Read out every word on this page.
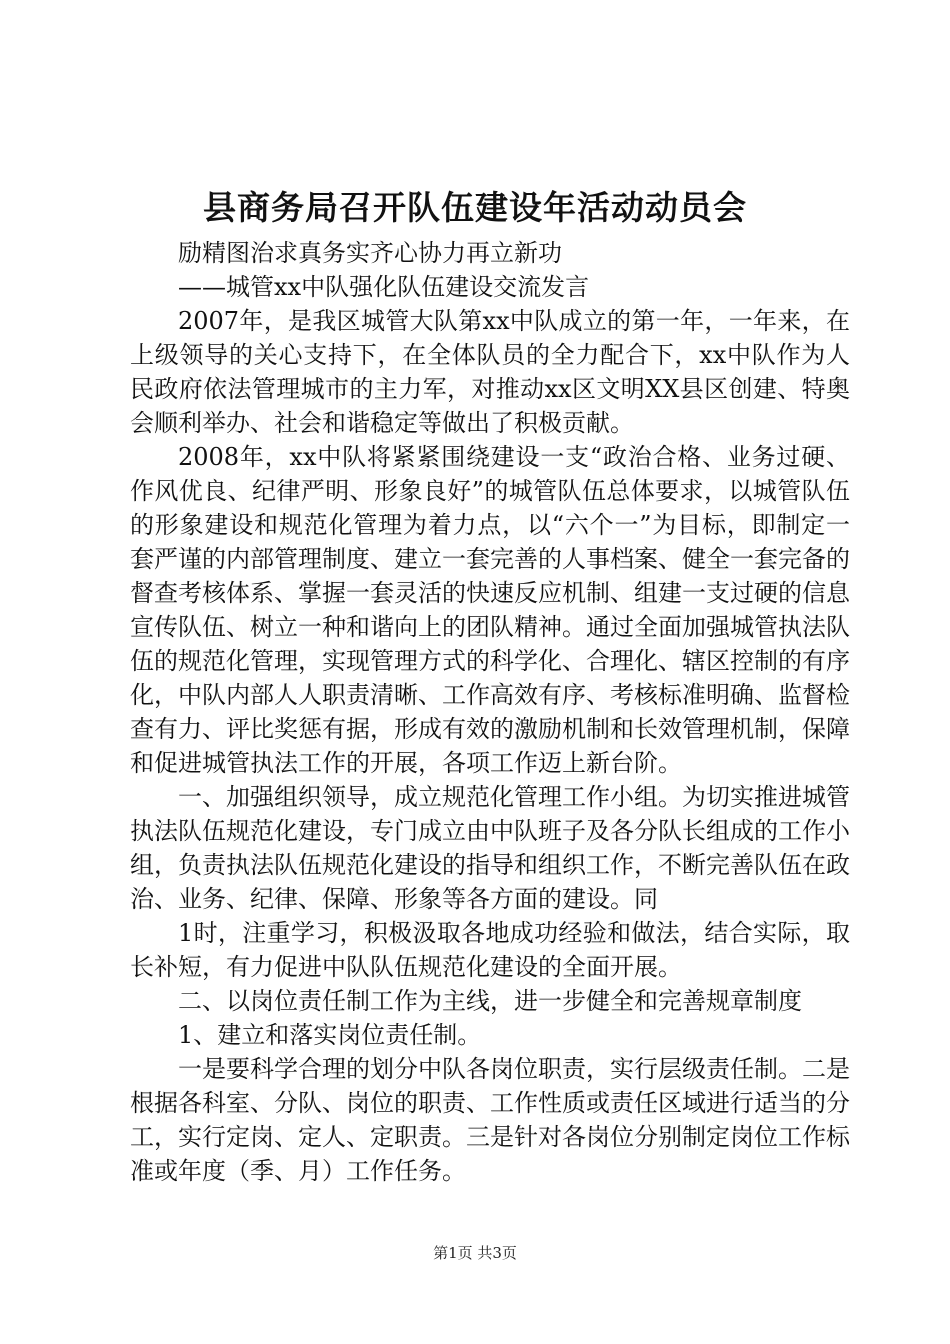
县商务局召开队伍建设年活动动员会

励精图治求真务实齐心协力再立新功

——城管xx中队强化队伍建设交流发言

2007年，是我区城管大队第xx中队成立的第一年，一年来，在上级领导的关心支持下，在全体队员的全力配合下，xx中队作为人民政府依法管理城市的主力军，对推动xx区文明XX县区创建、特奥会顺利举办、社会和谐稳定等做出了积极贡献。

2008年，xx中队将紧紧围绕建设一支“政治合格、业务过硬、作风优良、纪律严明、形象良好”的城管队伍总体要求，以城管队伍的形象建设和规范化管理为着力点，以“六个一”为目标，即制定一套严谨的内部管理制度、建立一套完善的人事档案、健全一套完备的督查考核体系、掌握一套灵活的快速反应机制、组建一支过硬的信息宣传队伍、树立一种和谐向上的团队精神。通过全面加强城管执法队伍的规范化管理，实现管理方式的科学化、合理化、辖区控制的有序化，中队内部人人职责清晰、工作高效有序、考核标准明确、监督检查有力、评比奖惩有据，形成有效的激励机制和长效管理机制，保障和促进城管执法工作的开展，各项工作迈上新台阶。

一、加强组织领导，成立规范化管理工作小组。为切实推进城管执法队伍规范化建设，专门成立由中队班子及各分队长组成的工作小组，负责执法队伍规范化建设的指导和组织工作，不断完善队伍在政治、业务、纪律、保障、形象等各方面的建设。同

1时，注重学习，积极汲取各地成功经验和做法，结合实际，取长补短，有力促进中队队伍规范化建设的全面开展。

二、以岗位责任制工作为主线，进一步健全和完善规章制度

1、建立和落实岗位责任制。

一是要科学合理的划分中队各岗位职责，实行层级责任制。二是根据各科室、分队、岗位的职责、工作性质或责任区域进行适当的分工，实行定岗、定人、定职责。三是针对各岗位分别制定岗位工作标准或年度（季、月）工作任务。

第1页 共3页
